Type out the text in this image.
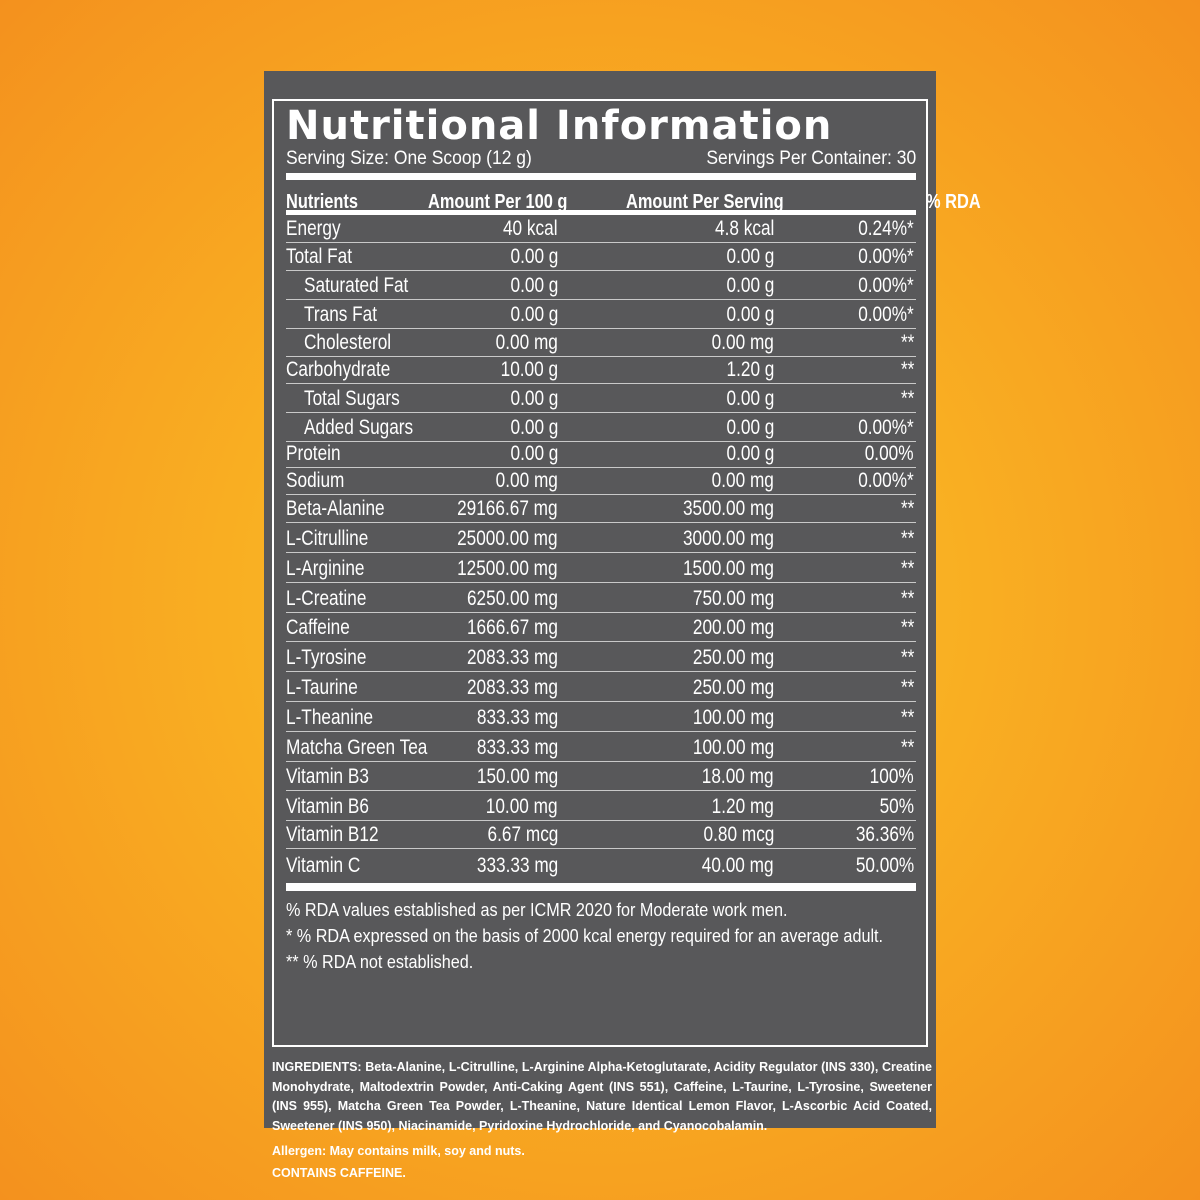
Nutritional Information
Serving Size: One Scoop (12 g)	Servings Per Container: 30
Nutrients	Amount Per 100 g	Amount Per Serving	% RDA
Energy	40 kcal	4.8 kcal	0.24%*
Total Fat	0.00 g	0.00 g	0.00%*
Saturated Fat	0.00 g	0.00 g	0.00%*
Trans Fat	0.00 g	0.00 g	0.00%*
Cholesterol	0.00 mg	0.00 mg	**
Carbohydrate	10.00 g	1.20 g	**
Total Sugars	0.00 g	0.00 g	**
Added Sugars	0.00 g	0.00 g	0.00%*
Protein	0.00 g	0.00 g	0.00%
Sodium	0.00 mg	0.00 mg	0.00%*
Beta-Alanine	29166.67 mg	3500.00 mg	**
L-Citrulline	25000.00 mg	3000.00 mg	**
L-Arginine	12500.00 mg	1500.00 mg	**
L-Creatine	6250.00 mg	750.00 mg	**
Caffeine	1666.67 mg	200.00 mg	**
L-Tyrosine	2083.33 mg	250.00 mg	**
L-Taurine	2083.33 mg	250.00 mg	**
L-Theanine	833.33 mg	100.00 mg	**
Matcha Green Tea	833.33 mg	100.00 mg	**
Vitamin B3	150.00 mg	18.00 mg	100%
Vitamin B6	10.00 mg	1.20 mg	50%
Vitamin B12	6.67 mcg	0.80 mcg	36.36%
Vitamin C	333.33 mg	40.00 mg	50.00%
% RDA values established as per ICMR 2020 for Moderate work men.
* % RDA expressed on the basis of 2000 kcal energy required for an average adult.
** % RDA not established.

INGREDIENTS: Beta-Alanine, L-Citrulline, L-Arginine Alpha-Ketoglutarate, Acidity Regulator (INS 330), Creatine Monohydrate, Maltodextrin Powder, Anti-Caking Agent (INS 551), Caffeine, L-Taurine, L-Tyrosine, Sweetener (INS 955), Matcha Green Tea Powder, L-Theanine, Nature Identical Lemon Flavor, L-Ascorbic Acid Coated, Sweetener (INS 950), Niacinamide, Pyridoxine Hydrochloride, and Cyanocobalamin.

Allergen: May contains milk, soy and nuts.

CONTAINS CAFFEINE.
